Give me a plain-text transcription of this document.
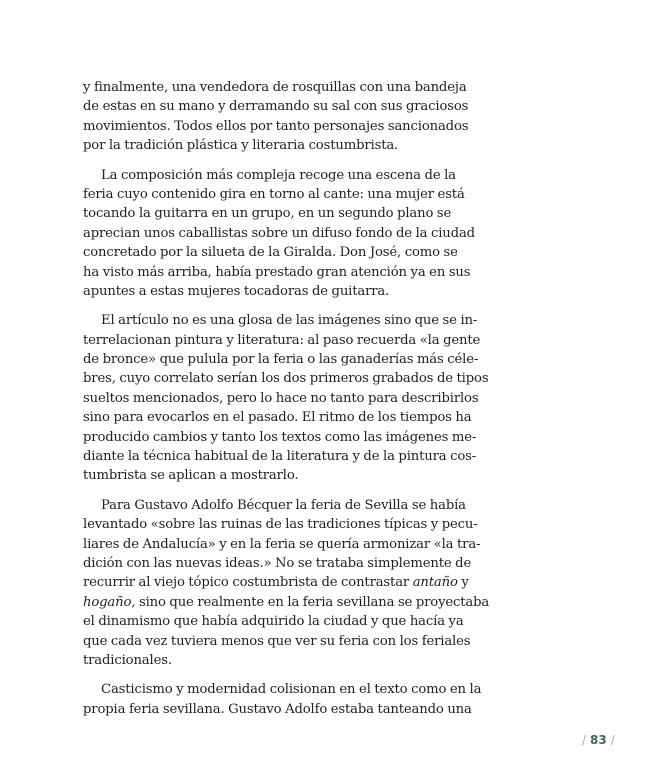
y finalmente, una vendedora de rosquillas con una bandeja
de estas en su mano y derramando su sal con sus graciosos
movimientos. Todos ellos por tanto personajes sancionados
por la tradición plástica y literaria costumbrista.

La composición más compleja recoge una escena de la
feria cuyo contenido gira en torno al cante: una mujer está
tocando la guitarra en un grupo, en un segundo plano se
aprecian unos caballistas sobre un difuso fondo de la ciudad
concretado por la silueta de la Giralda. Don José, como se
ha visto más arriba, había prestado gran atención ya en sus
apuntes a estas mujeres tocadoras de guitarra.

El artículo no es una glosa de las imágenes sino que se in-
terrelacionan pintura y literatura: al paso recuerda «la gente
de bronce» que pulula por la feria o las ganaderías más céle-
bres, cuyo correlato serían los dos primeros grabados de tipos
sueltos mencionados, pero lo hace no tanto para describirlos
sino para evocarlos en el pasado. El ritmo de los tiempos ha
producido cambios y tanto los textos como las imágenes me-
diante la técnica habitual de la literatura y de la pintura cos-
tumbrista se aplican a mostrarlo.

Para Gustavo Adolfo Bécquer la feria de Sevilla se había
levantado «sobre las ruinas de las tradiciones típicas y pecu-
liares de Andalucía» y en la feria se quería armonizar «la tra-
dición con las nuevas ideas.» No se trataba simplemente de
recurrir al viejo tópico costumbrista de contrastar antaño y
hogaño, sino que realmente en la feria sevillana se proyectaba
el dinamismo que había adquirido la ciudad y que hacía ya
que cada vez tuviera menos que ver su feria con los feriales
tradicionales.

Casticismo y modernidad colisionan en el texto como en la
propia feria sevillana. Gustavo Adolfo estaba tanteando una

/ 83 /
